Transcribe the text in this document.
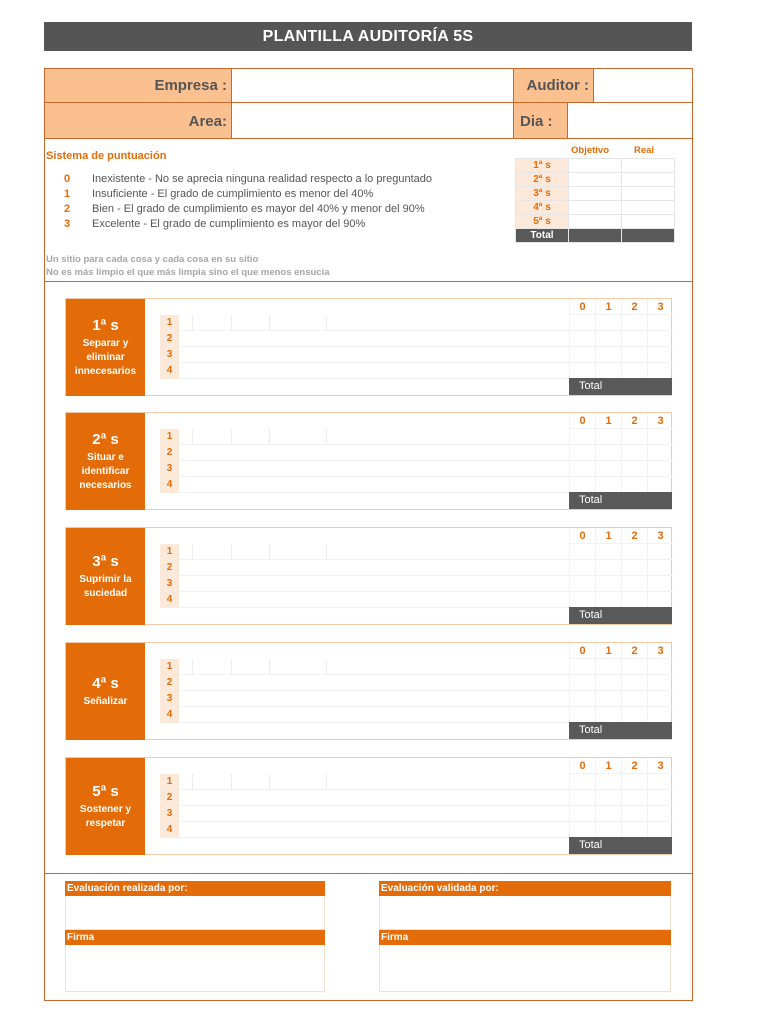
PLANTILLA AUDITORÍA 5S
Empresa :	Auditor :
Area:	Dia :
Sistema de puntuación
0	Inexistente - No se aprecia ninguna realidad respecto a lo preguntado
1	Insuficiente - El grado de cumplimiento es menor del 40%
2	Bien - El grado de cumplimiento es mayor del 40% y menor del 90%
3	Excelente - El grado de cumplimiento es mayor del 90%
Un sitio para cada cosa y cada cosa en su sitio
No es más limpio el que más limpia sino el que menos ensucia
Objetivo	Real
1ª s		
2ª s		
3ª s		
4ª s		
5ª s		
Total		
1ª s
Separar y eliminar innecesarios
0	1	2	3
1
2
3
4
Total
2ª s
Situar e identificar necesarios
0	1	2	3
1
2
3
4
Total
3ª s
Suprimir la suciedad
0	1	2	3
1
2
3
4
Total
4ª s
Señalizar
0	1	2	3
1
2
3
4
Total
5ª s
Sostener y respetar
0	1	2	3
1
2
3
4
Total
Evaluación realizada por:
Firma
Evaluación validada por:
Firma
